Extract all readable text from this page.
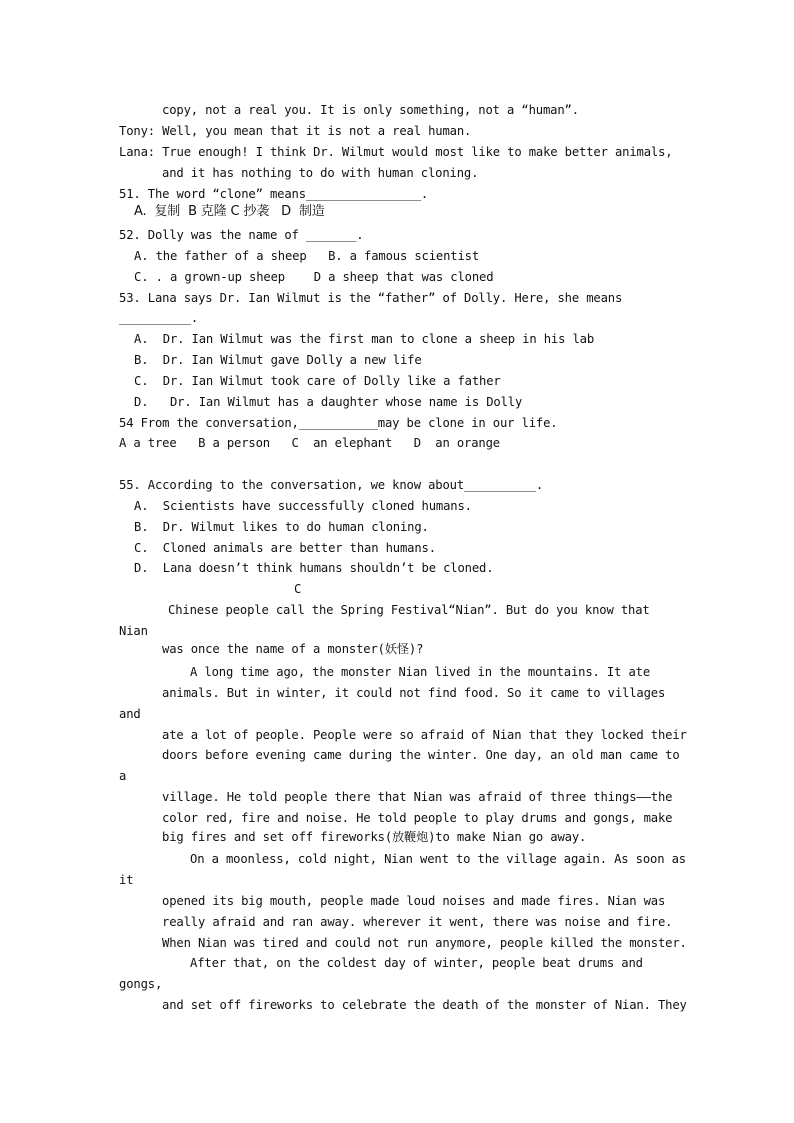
copy, not a real you. It is only something, not a “human”.
Tony: Well, you mean that it is not a real human.
Lana: True enough! I think Dr. Wilmut would most like to make better animals,
and it has nothing to do with human cloning.
51. The word “clone” means________________.
A.  复制  B 克隆 C 抄袭   D  制造
52. Dolly was the name of _______.
A. the father of a sheep   B. a famous scientist
C. . a grown-up sheep    D a sheep that was cloned
53. Lana says Dr. Ian Wilmut is the “father” of Dolly. Here, she means
__________.
A.  Dr. Ian Wilmut was the first man to clone a sheep in his lab
B.  Dr. Ian Wilmut gave Dolly a new life
C.  Dr. Ian Wilmut took care of Dolly like a father
D.   Dr. Ian Wilmut has a daughter whose name is Dolly
54 From the conversation,___________may be clone in our life.
A a tree   B a person   C  an elephant   D  an orange
55. According to the conversation, we know about__________.
A.  Scientists have successfully cloned humans.
B.  Dr. Wilmut likes to do human cloning.
C.  Cloned animals are better than humans.
D.  Lana doesn’t think humans shouldn’t be cloned.
C
Chinese people call the Spring Festival“Nian”. But do you know that
Nian
was once the name of a monster(妖怪)?
A long time ago, the monster Nian lived in the mountains. It ate
animals. But in winter, it could not find food. So it came to villages
and
ate a lot of people. People were so afraid of Nian that they locked their
doors before evening came during the winter. One day, an old man came to
a
village. He told people there that Nian was afraid of three things——the
color red, fire and noise. He told people to play drums and gongs, make
big fires and set off fireworks(放鞭炮)to make Nian go away.
On a moonless, cold night, Nian went to the village again. As soon as
it
opened its big mouth, people made loud noises and made fires. Nian was
really afraid and ran away. wherever it went, there was noise and fire.
When Nian was tired and could not run anymore, people killed the monster.
After that, on the coldest day of winter, people beat drums and
gongs,
and set off fireworks to celebrate the death of the monster of Nian. They
